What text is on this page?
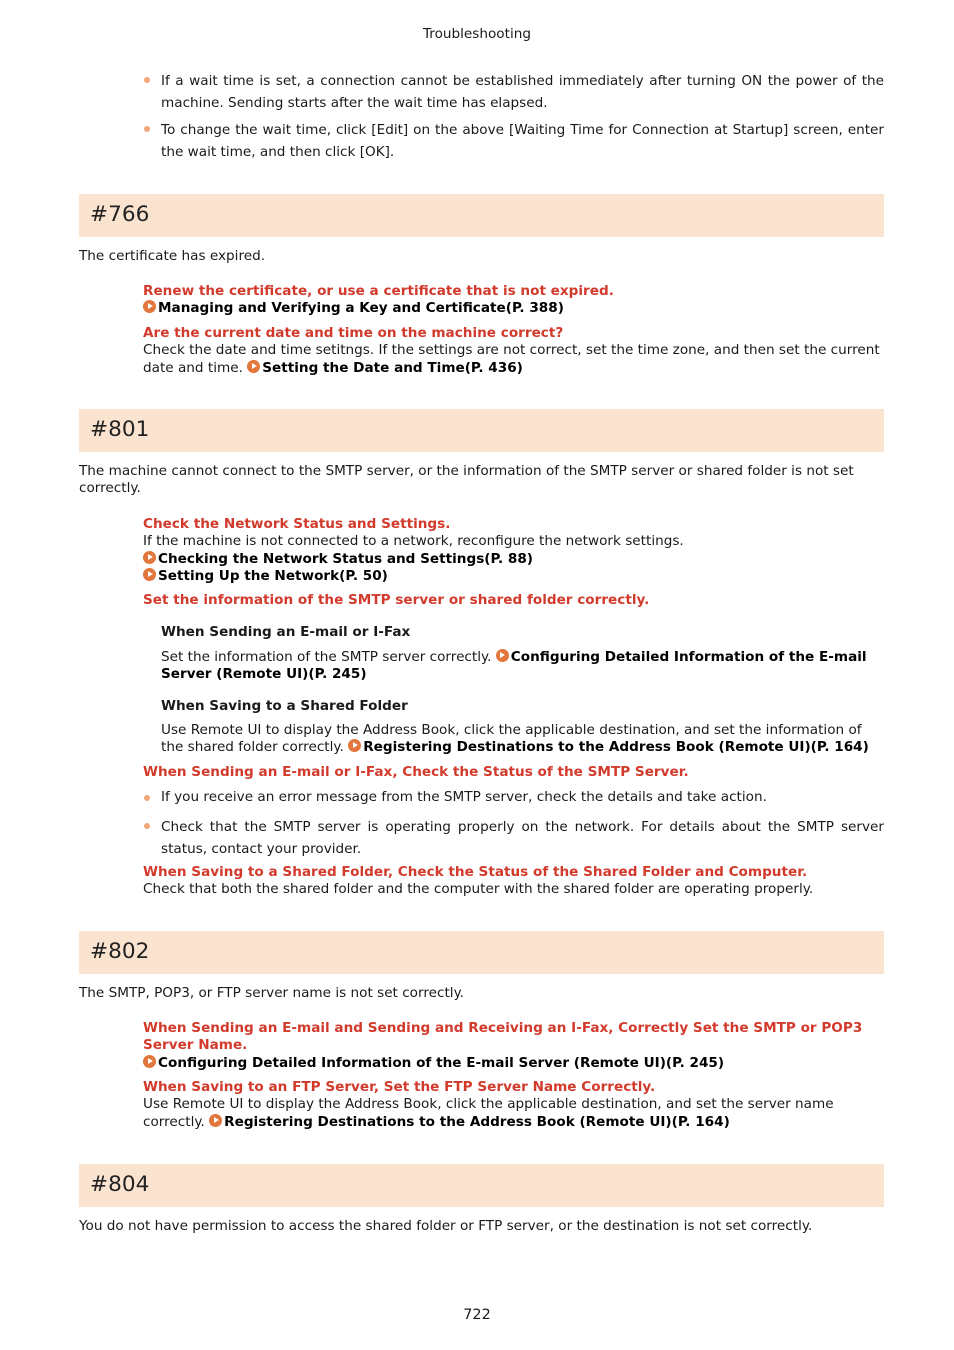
Troubleshooting
If a wait time is set, a connection cannot be established immediately after turning ON the power of the machine. Sending starts after the wait time has elapsed.
To change the wait time, click [Edit] on the above [Waiting Time for Connection at Startup] screen, enter the wait time, and then click [OK].
#766
The certificate has expired.

Renew the certificate, or use a certificate that is not expired.

Managing and Verifying a Key and Certificate(P. 388)

Are the current date and time on the machine correct?

Check the date and time setitngs. If the settings are not correct, set the time zone, and then set the current date and time. Setting the Date and Time(P. 436)

#801
The machine cannot connect to the SMTP server, or the information of the SMTP server or shared folder is not set correctly.

Check the Network Status and Settings.

If the machine is not connected to a network, reconfigure the network settings.

Checking the Network Status and Settings(P. 88)

Setting Up the Network(P. 50)

Set the information of the SMTP server or shared folder correctly.
When Sending an E-mail or I-Fax
Set the information of the SMTP server correctly. Configuring Detailed Information of the E-mail Server (Remote UI)(P. 245)
When Saving to a Shared Folder
Use Remote UI to display the Address Book, click the applicable destination, and set the information of the shared folder correctly. Registering Destinations to the Address Book (Remote UI)(P. 164)
When Sending an E-mail or I-Fax, Check the Status of the SMTP Server.
If you receive an error message from the SMTP server, check the details and take action.
Check that the SMTP server is operating properly on the network. For details about the SMTP server status, contact your provider.

When Saving to a Shared Folder, Check the Status of the Shared Folder and Computer.

Check that both the shared folder and the computer with the shared folder are operating properly.

#802
The SMTP, POP3, or FTP server name is not set correctly.

When Sending an E-mail and Sending and Receiving an I-Fax, Correctly Set the SMTP or POP3 Server Name.

Configuring Detailed Information of the E-mail Server (Remote UI)(P. 245)

When Saving to an FTP Server, Set the FTP Server Name Correctly.

Use Remote UI to display the Address Book, click the applicable destination, and set the server name correctly. Registering Destinations to the Address Book (Remote UI)(P. 164)

#804
You do not have permission to access the shared folder or FTP server, or the destination is not set correctly.
722
